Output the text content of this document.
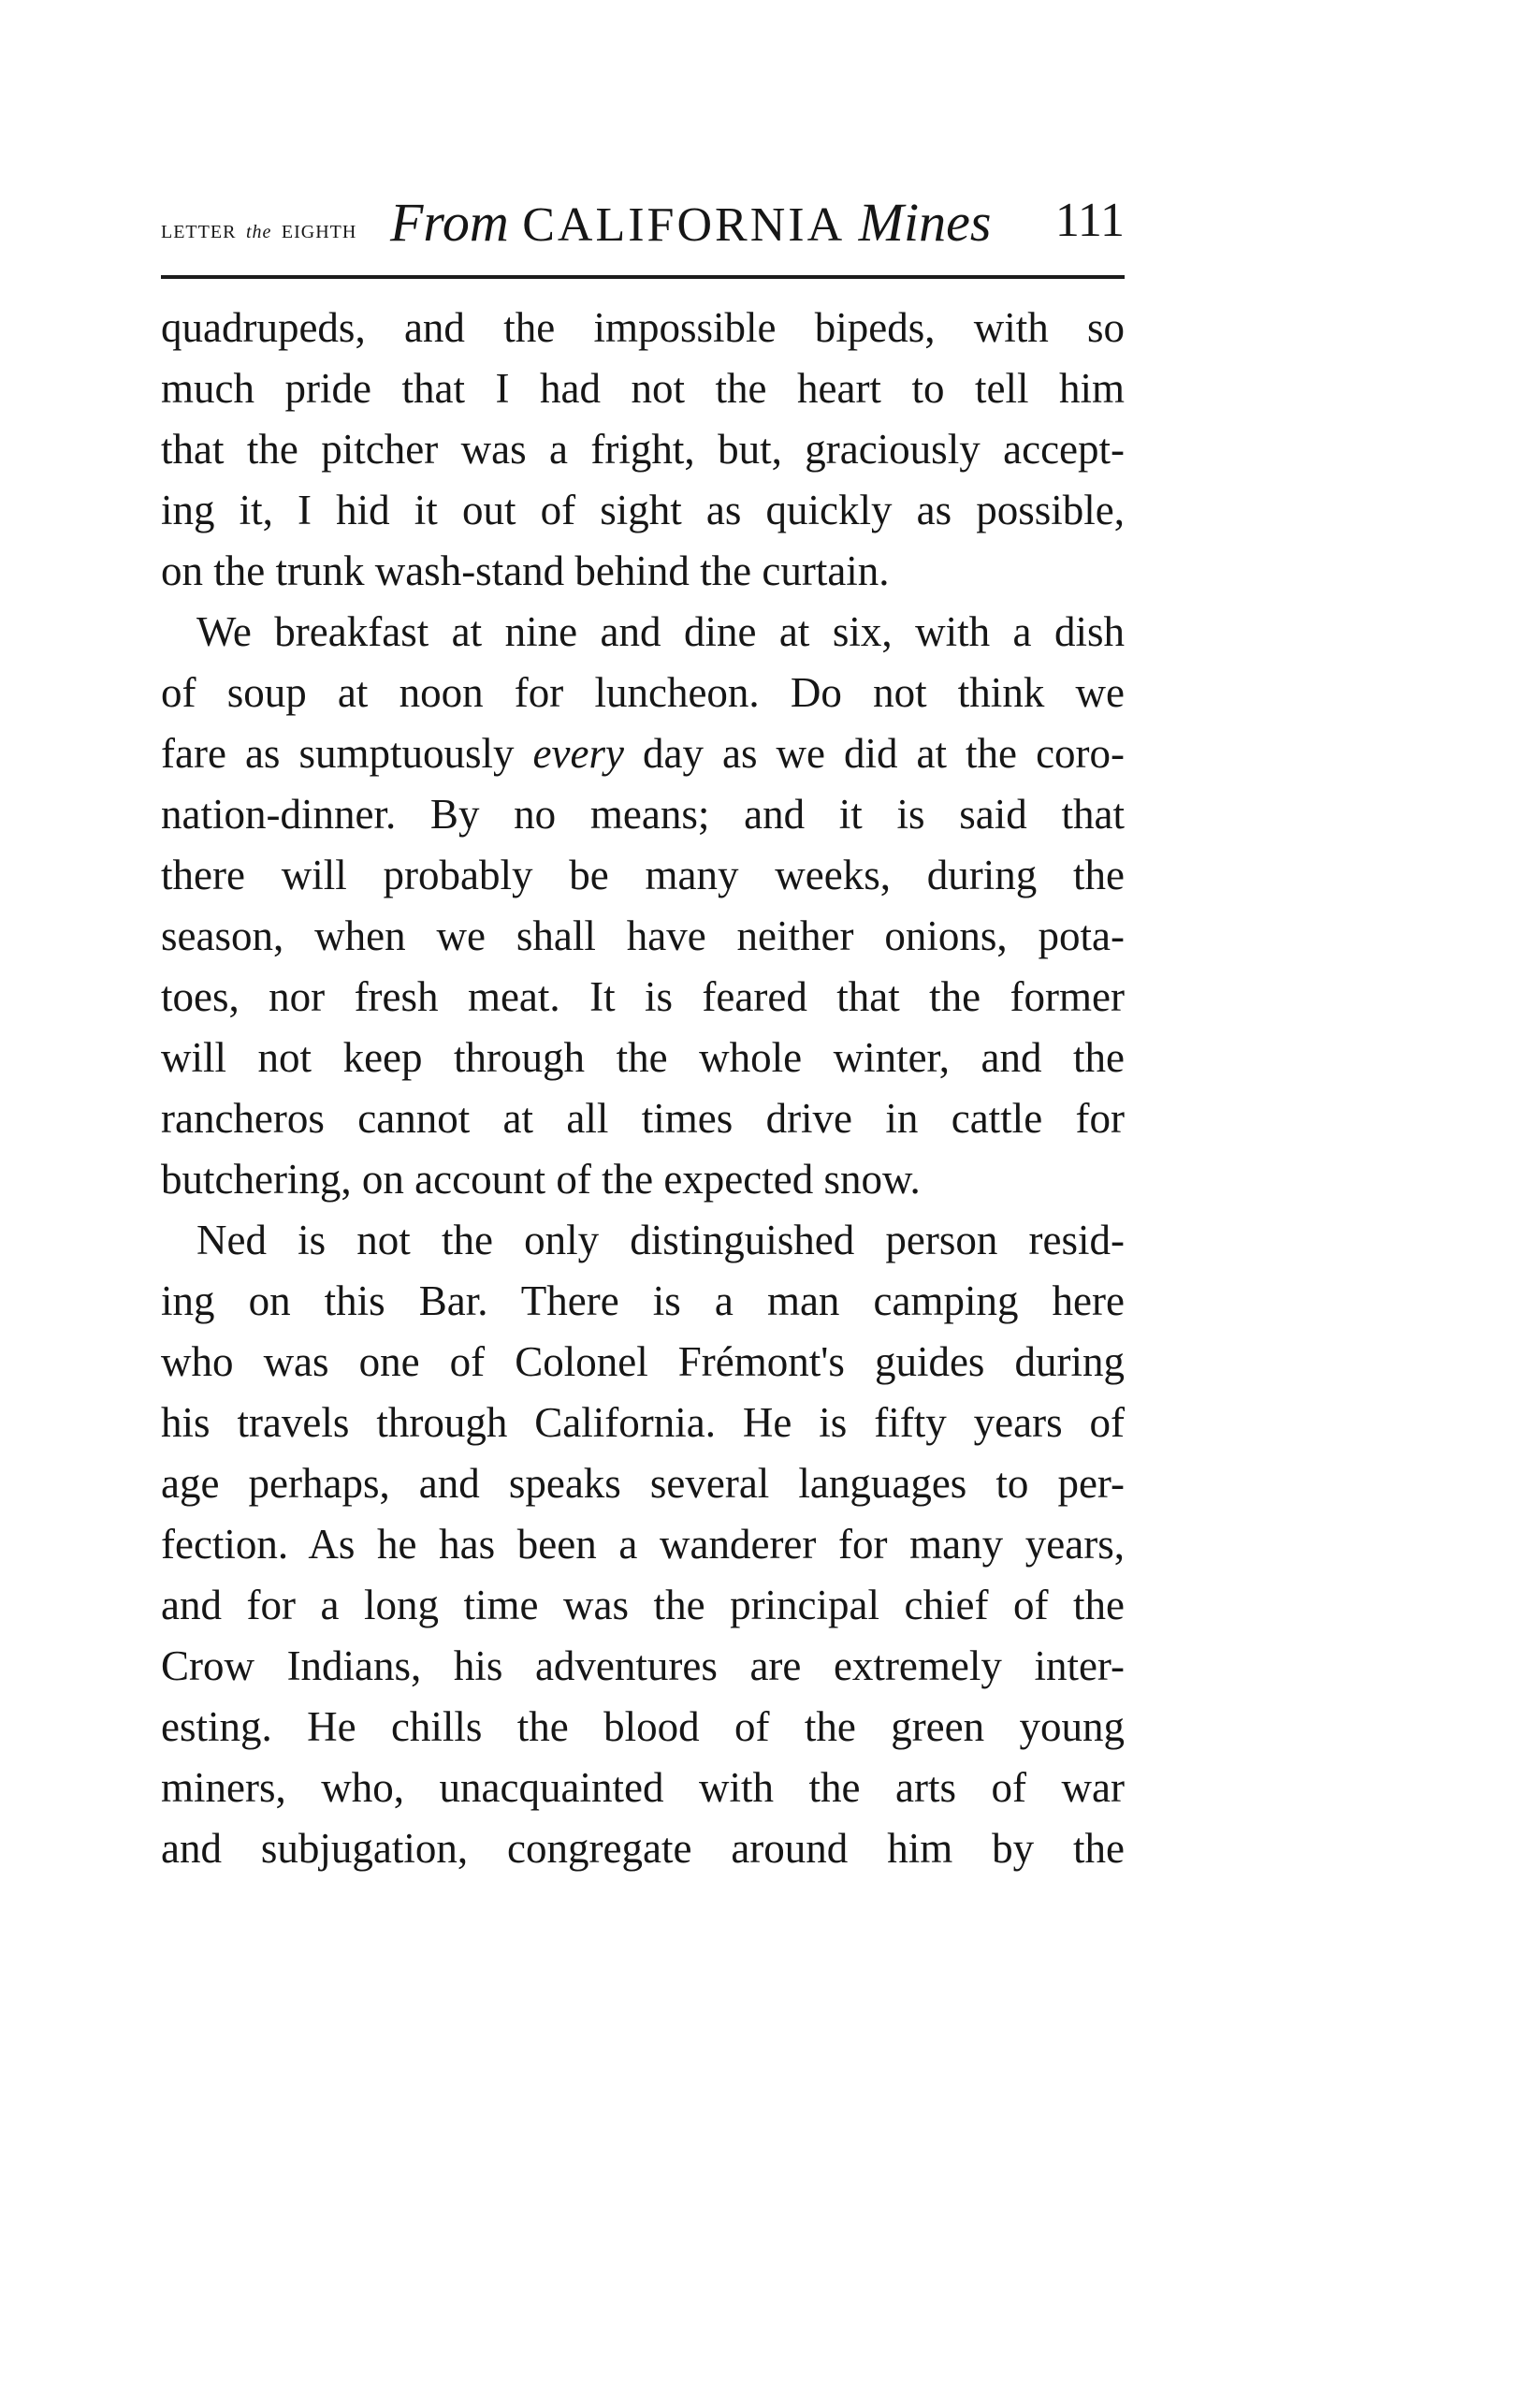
LETTER the EIGHTH From CALIFORNIA Mines 111
quadrupeds, and the impossible bipeds, with so
much pride that I had not the heart to tell him
that the pitcher was a fright, but, graciously accept-
ing it, I hid it out of sight as quickly as possible,
on the trunk wash-stand behind the curtain.
We breakfast at nine and dine at six, with a dish
of soup at noon for luncheon. Do not think we
fare as sumptuously every day as we did at the coro-
nation-dinner. By no means; and it is said that
there will probably be many weeks, during the
season, when we shall have neither onions, pota-
toes, nor fresh meat. It is feared that the former
will not keep through the whole winter, and the
rancheros cannot at all times drive in cattle for
butchering, on account of the expected snow.
Ned is not the only distinguished person resid-
ing on this Bar. There is a man camping here
who was one of Colonel Frémont's guides during
his travels through California. He is fifty years of
age perhaps, and speaks several languages to per-
fection. As he has been a wanderer for many years,
and for a long time was the principal chief of the
Crow Indians, his adventures are extremely inter-
esting. He chills the blood of the green young
miners, who, unacquainted with the arts of war
and subjugation, congregate around him by the
